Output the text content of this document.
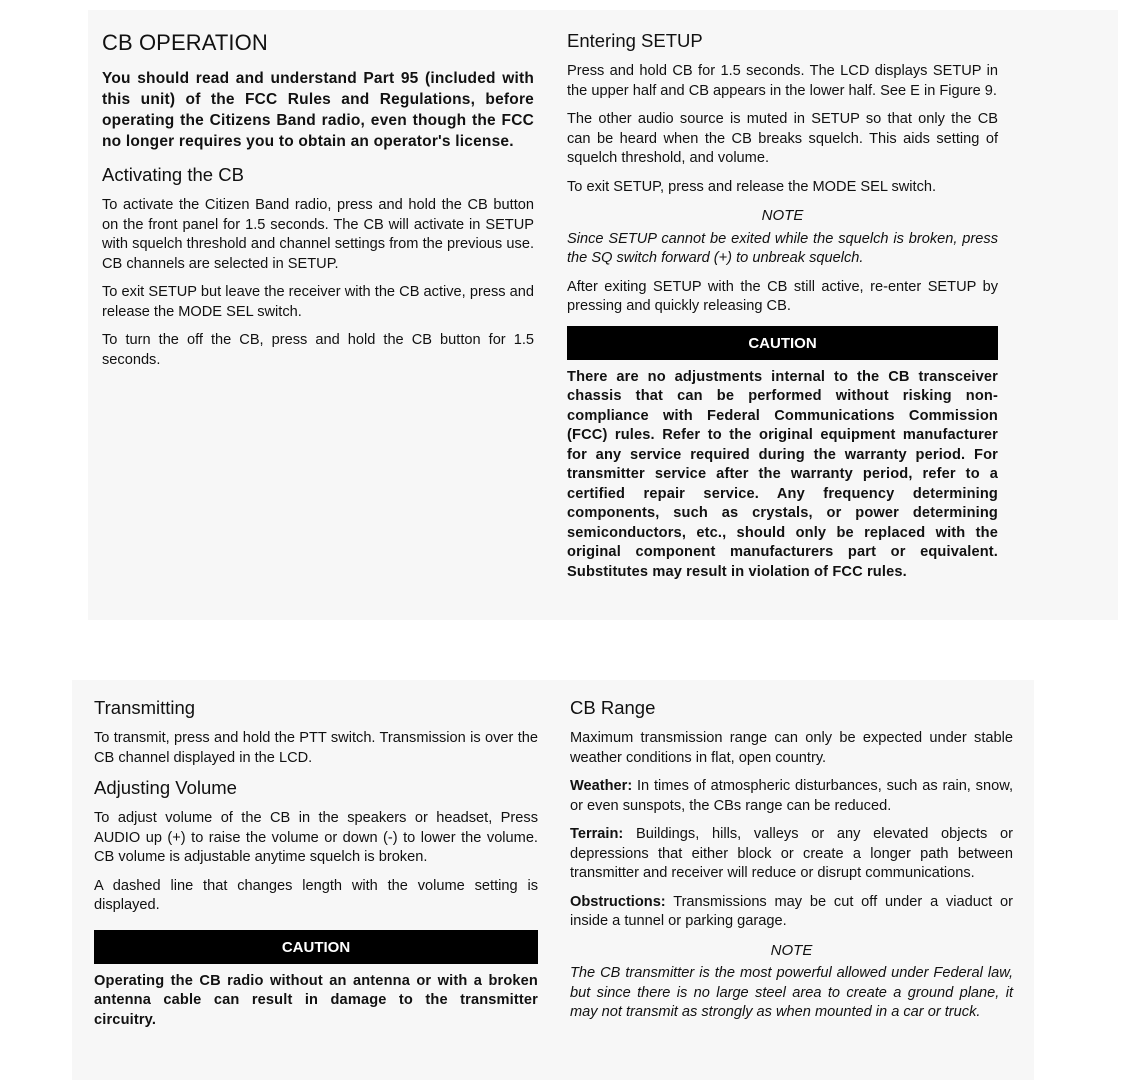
CB OPERATION

You should read and understand Part 95 (included with this unit) of the FCC Rules and Regulations, before operating the Citizens Band radio, even though the FCC no longer requires you to obtain an operator's license.

Activating the CB

To activate the Citizen Band radio, press and hold the CB button on the front panel for 1.5 seconds. The CB will activate in SETUP with squelch threshold and channel settings from the previous use. CB channels are selected in SETUP.

To exit SETUP but leave the receiver with the CB active, press and release the MODE SEL switch.

To turn the off the CB, press and hold the CB button for 1.5 seconds.

Entering SETUP

Press and hold CB for 1.5 seconds. The LCD displays SETUP in the upper half and CB appears in the lower half. See E in Figure 9.

The other audio source is muted in SETUP so that only the CB can be heard when the CB breaks squelch. This aids setting of squelch threshold, and volume.

To exit SETUP, press and release the MODE SEL switch.

NOTE

Since SETUP cannot be exited while the squelch is broken, press the SQ switch forward (+) to unbreak squelch.

After exiting SETUP with the CB still active, re-enter SETUP by pressing and quickly releasing CB.

CAUTION
There are no adjustments internal to the CB transceiver chassis that can be performed without risking non-compliance with Federal Communications Commission (FCC) rules. Refer to the original equipment manufacturer for any service required during the warranty period. For transmitter service after the warranty period, refer to a certified repair service. Any frequency determining components, such as crystals, or power determining semiconductors, etc., should only be replaced with the original component manufacturers part or equivalent. Substitutes may result in violation of FCC rules.
Transmitting

To transmit, press and hold the PTT switch. Transmission is over the CB channel displayed in the LCD.

Adjusting Volume

To adjust volume of the CB in the speakers or headset, Press AUDIO up (+) to raise the volume or down (-) to lower the volume. CB volume is adjustable anytime squelch is broken.

A dashed line that changes length with the volume setting is displayed.

CAUTION
Operating the CB radio without an antenna or with a broken antenna cable can result in damage to the transmitter circuitry.
CB Range

Maximum transmission range can only be expected under stable weather conditions in flat, open country.

Weather: In times of atmospheric disturbances, such as rain, snow, or even sunspots, the CBs range can be reduced.

Terrain: Buildings, hills, valleys or any elevated objects or depressions that either block or create a longer path between transmitter and receiver will reduce or disrupt communications.

Obstructions: Transmissions may be cut off under a viaduct or inside a tunnel or parking garage.

NOTE

The CB transmitter is the most powerful allowed under Federal law, but since there is no large steel area to create a ground plane, it may not transmit as strongly as when mounted in a car or truck.
